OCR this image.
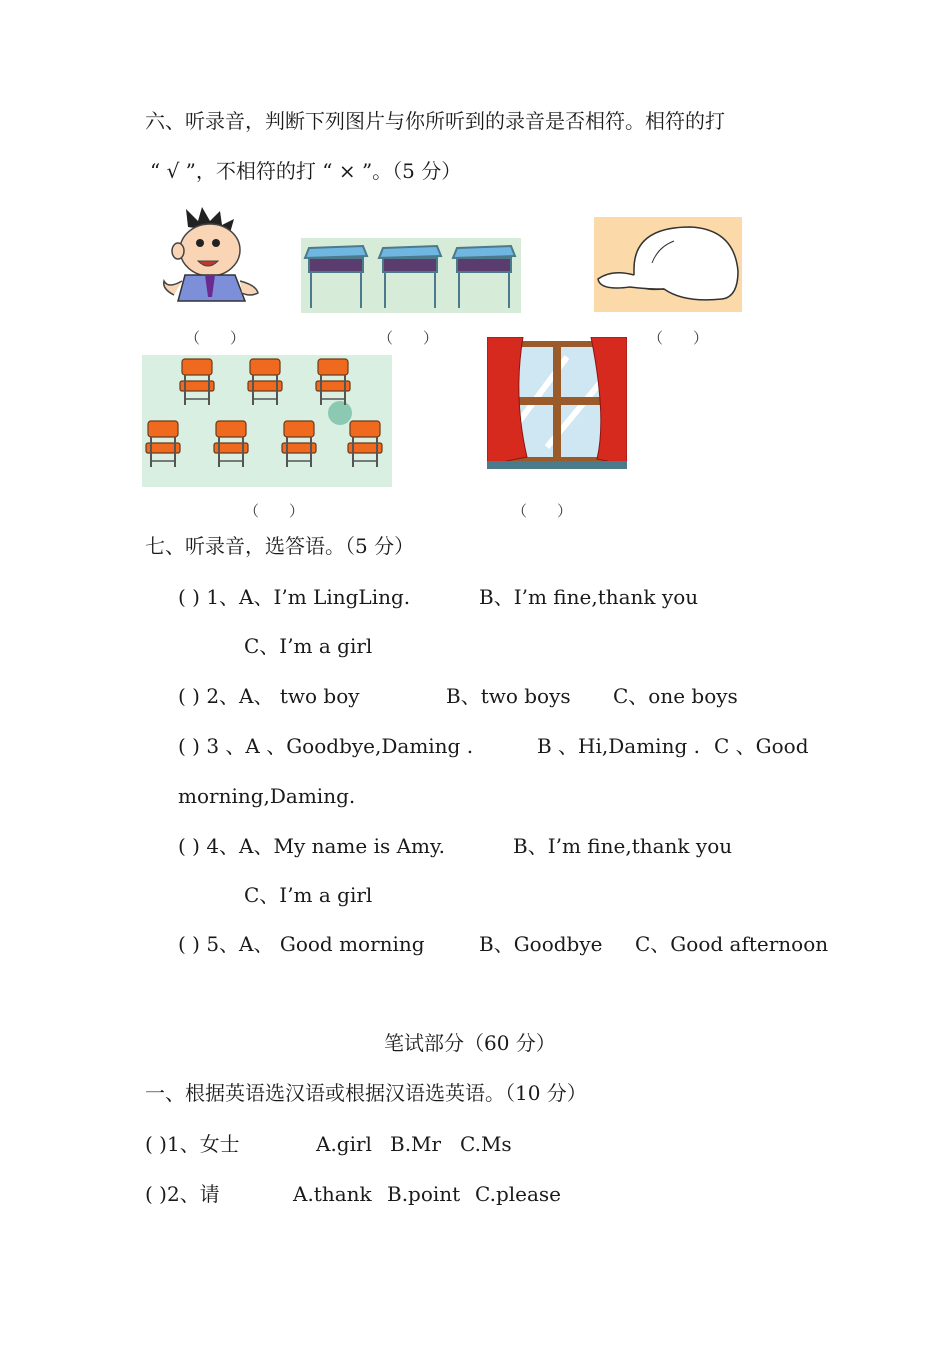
六、听录音，判断下列图片与你所听到的录音是否相符。相符的打
“ √ ”，不相符的打 “ × ”。（5 分）
（　　）	（　　）	（　　）
（　　）	（　　）
七、听录音，选答语。（5 分）
( ) 1、A、I’m LingLing.	B、I’m fine,thank you
C、I’m a girl
( ) 2、A、 two boy	B、two boys C、one boys
( ) 3 、A 、Goodbye,Daming .	B 、Hi,Daming . C 、Good
morning,Daming.
( ) 4、A、My name is Amy.	B、I’m fine,thank you
C、I’m a girl
( ) 5、A、 Good morning	B、Goodbye C、Good afternoon
笔试部分（60 分）
一、根据英语选汉语或根据汉语选英语。（10 分）
( )1、女士	A.girl B.Mr C.Ms
( )2、请	A.thank B.point C.please
